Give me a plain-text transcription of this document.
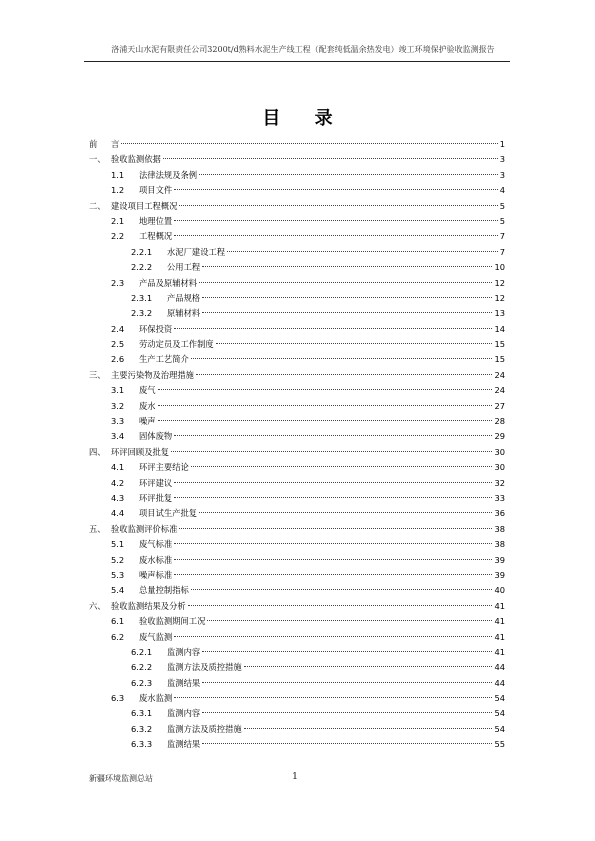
洛浦天山水泥有限责任公司3200t/d熟料水泥生产线工程（配套纯低温余热发电）竣工环境保护验收监测报告
目 录
前	言	1
一、 验收监测依据	3
1.1	法律法规及条例	3
1.2	项目文件	4
二、 建设项目工程概况	5
2.1	地理位置	5
2.2	工程概况	7
2.2.1	水泥厂建设工程	7
2.2.2	公用工程	10
2.3	产品及原辅材料	12
2.3.1	产品规格	12
2.3.2	原辅材料	13
2.4	环保投资	14
2.5	劳动定员及工作制度	15
2.6	生产工艺简介	15
三、 主要污染物及治理措施	24
3.1	废气	24
3.2	废水	27
3.3	噪声	28
3.4	固体废物	29
四、 环评回顾及批复	30
4.1	环评主要结论	30
4.2	环评建议	32
4.3	环评批复	33
4.4	项目试生产批复	36
五、 验收监测评价标准	38
5.1	废气标准	38
5.2	废水标准	39
5.3	噪声标准	39
5.4	总量控制指标	40
六、 验收监测结果及分析	41
6.1	验收监测期间工况	41
6.2	废气监测	41
6.2.1	监测内容	41
6.2.2	监测方法及质控措施	44
6.2.3	监测结果	44
6.3	废水监测	54
6.3.1	监测内容	54
6.3.2	监测方法及质控措施	54
6.3.3	监测结果	55
新疆环境监测总站	1
